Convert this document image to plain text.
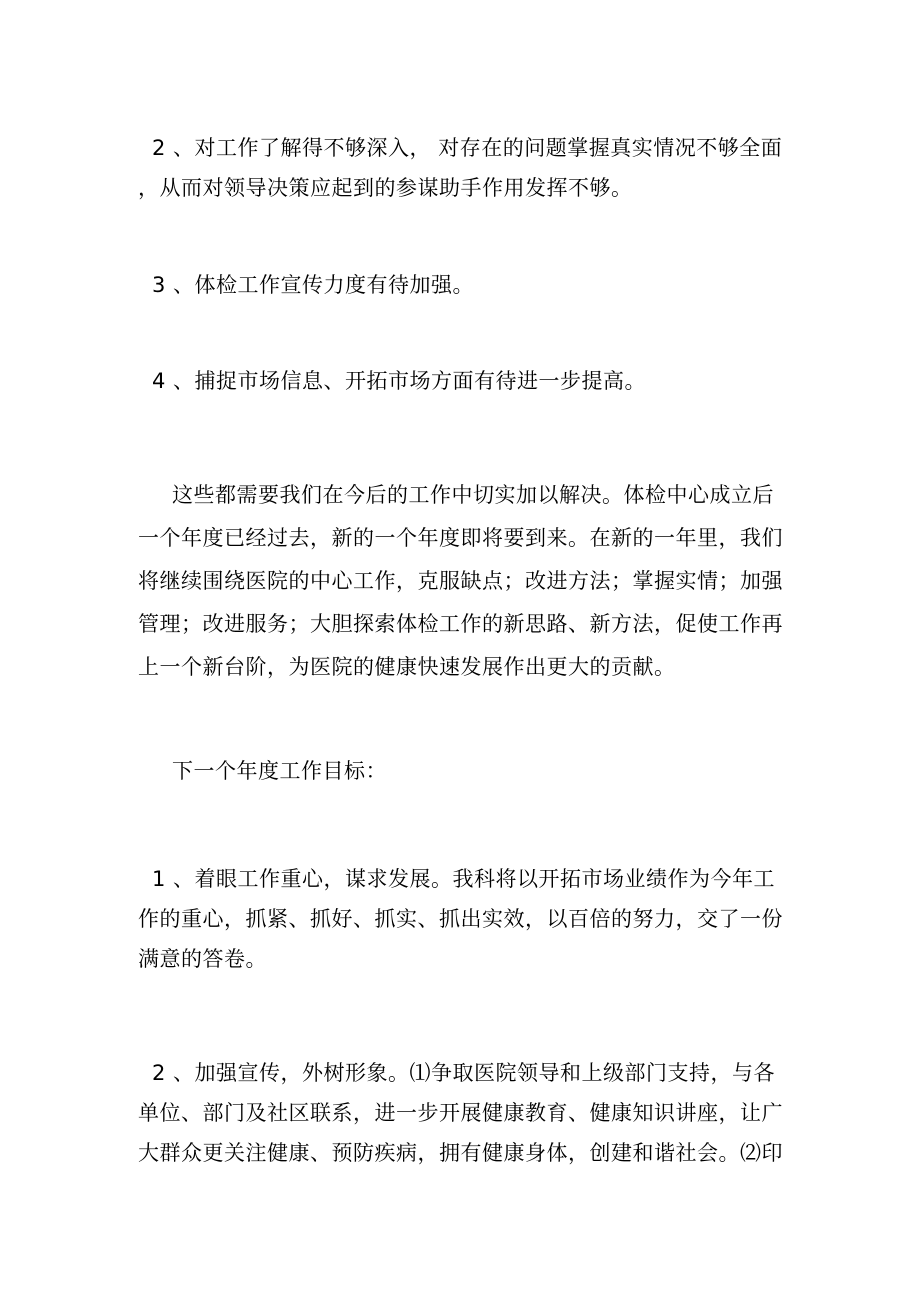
2 、对工作了解得不够深入， 对存在的问题掌握真实情况不够全面
，从而对领导决策应起到的参谋助手作用发挥不够。
3 、体检工作宣传力度有待加强。
4 、捕捉市场信息、开拓市场方面有待进一步提高。
这些都需要我们在今后的工作中切实加以解决。体检中心成立后
一个年度已经过去，新的一个年度即将要到来。在新的一年里，我们
将继续围绕医院的中心工作，克服缺点；改进方法；掌握实情；加强
管理；改进服务；大胆探索体检工作的新思路、新方法，促使工作再
上一个新台阶，为医院的健康快速发展作出更大的贡献。
下一个年度工作目标：
1 、着眼工作重心，谋求发展。我科将以开拓市场业绩作为今年工
作的重心，抓紧、抓好、抓实、抓出实效，以百倍的努力，交了一份
满意的答卷。
2 、加强宣传，外树形象。⑴争取医院领导和上级部门支持，与各
单位、部门及社区联系，进一步开展健康教育、健康知识讲座，让广
大群众更关注健康、预防疾病，拥有健康身体，创建和谐社会。⑵印
